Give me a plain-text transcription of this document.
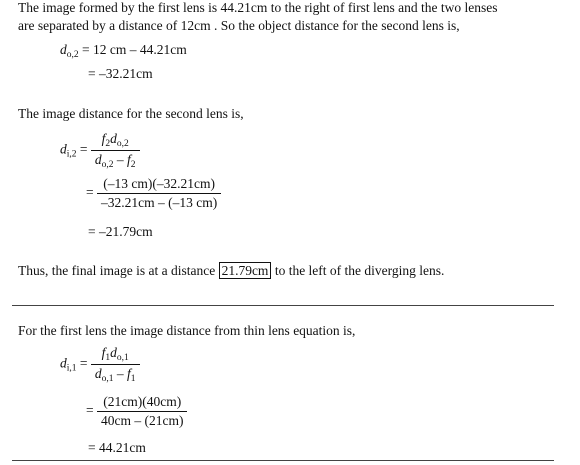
The image formed by the first lens is 44.21cm to the right of first lens and the two lenses
are separated by a distance of 12cm . So the object distance for the second lens is,
$d_{o,2} = 12$ cm – 44.21cm
= –32.21cm
The image distance for the second lens is,
$d_{i,2} = \frac{f_2d_{o,2}}{d_{o,2} - f_2}$
= $\frac{(-13 cm)(-32.21cm)}{-32.21cm - (-13 cm)}$
= –21.79cm
Thus, the final image is at a distance 21.79cm to the left of the diverging lens.
For the first lens the image distance from thin lens equation is,
$d_{i,1} = \frac{f_1d_{o,1}}{d_{o,1} - f_1}$
= $\frac{(21cm)(40cm)}{40cm - (21cm)}$
= 44.21cm
